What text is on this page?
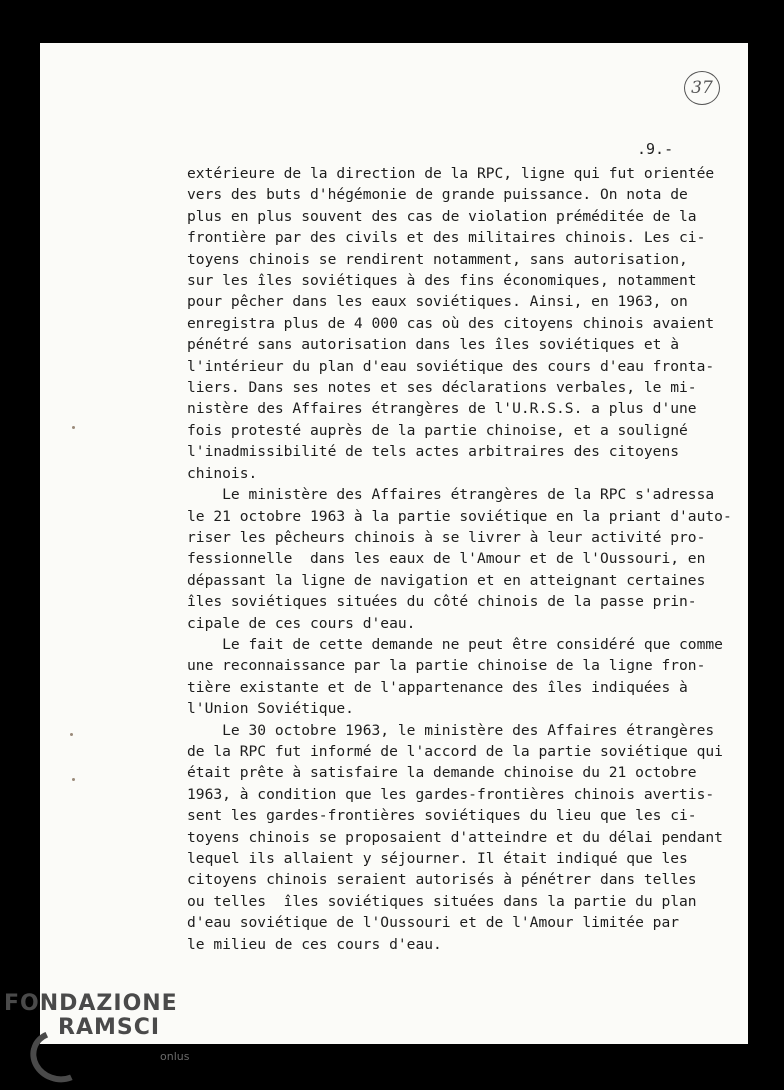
37
.9.-
extérieure de la direction de la RPC, ligne qui fut orientée
vers des buts d'hégémonie de grande puissance. On nota de
plus en plus souvent des cas de violation préméditée de la
frontière par des civils et des militaires chinois. Les ci-
toyens chinois se rendirent notamment, sans autorisation,
sur les îles soviétiques à des fins économiques, notamment
pour pêcher dans les eaux soviétiques. Ainsi, en 1963, on
enregistra plus de 4 000 cas où des citoyens chinois avaient
pénétré sans autorisation dans les îles soviétiques et à
l'intérieur du plan d'eau soviétique des cours d'eau fronta-
liers. Dans ses notes et ses déclarations verbales, le mi-
nistère des Affaires étrangères de l'U.R.S.S. a plus d'une
fois protesté auprès de la partie chinoise, et a souligné
l'inadmissibilité de tels actes arbitraires des citoyens
chinois.
Le ministère des Affaires étrangères de la RPC s'adressa
le 21 octobre 1963 à la partie soviétique en la priant d'auto-
riser les pêcheurs chinois à se livrer à leur activité pro-
fessionnelle  dans les eaux de l'Amour et de l'Oussouri, en
dépassant la ligne de navigation et en atteignant certaines
îles soviétiques situées du côté chinois de la passe prin-
cipale de ces cours d'eau.
Le fait de cette demande ne peut être considéré que comme
une reconnaissance par la partie chinoise de la ligne fron-
tière existante et de l'appartenance des îles indiquées à
l'Union Soviétique.
Le 30 octobre 1963, le ministère des Affaires étrangères
de la RPC fut informé de l'accord de la partie soviétique qui
était prête à satisfaire la demande chinoise du 21 octobre
1963, à condition que les gardes-frontières chinois avertis-
sent les gardes-frontières soviétiques du lieu que les ci-
toyens chinois se proposaient d'atteindre et du délai pendant
lequel ils allaient y séjourner. Il était indiqué que les
citoyens chinois seraient autorisés à pénétrer dans telles
ou telles  îles soviétiques situées dans la partie du plan
d'eau soviétique de l'Oussouri et de l'Amour limitée par
le milieu de ces cours d'eau.
FONDAZIONE
RAMSCI
onlus
